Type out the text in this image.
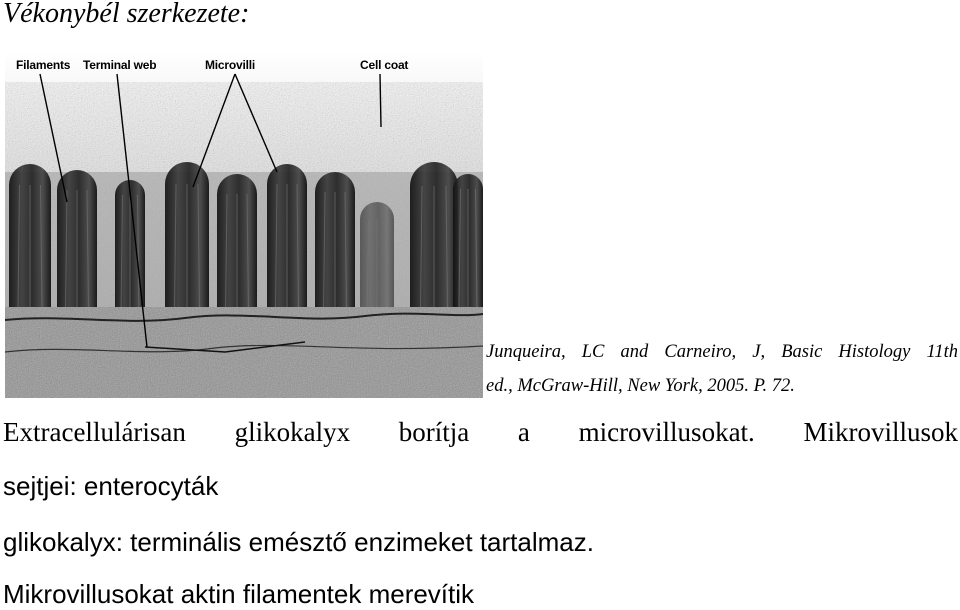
Vékonybél szerkezete:
Filaments Terminal web	Microvilli	Cell coat
Junqueira, LC and Carneiro, J, Basic Histology 11th
ed., McGraw-Hill, New York, 2005. P. 72.
Extracellulárisan glikokalyx borítja a microvillusokat. Mikrovillusok
sejtjei: enterocyták
glikokalyx: terminális emésztő enzimeket tartalmaz.
Mikrovillusokat aktin filamentek merevítik
